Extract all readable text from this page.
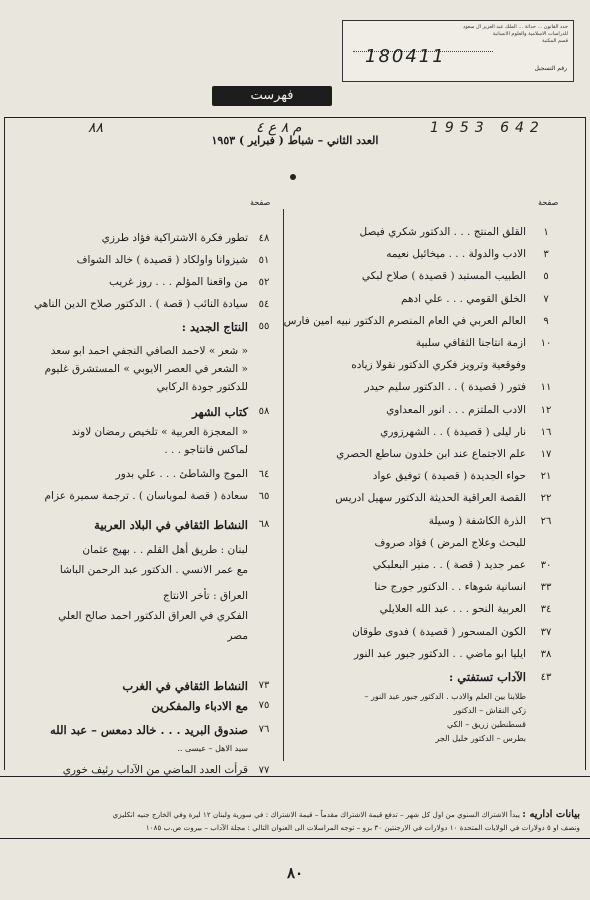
حدد القانون ... حداثة ... الملك عبد العزيز آل سعود
للدراسات الاسلامية والعلوم الانسانية
قسم المكتبة
180411
رقم التسجيل
فهرست
٨٨	م ٨ ع ٤	1953 642
العدد الثاني – شباط ( فبراير ) ١٩٥٣
صفحة
صفحة
١
القلق المنتج . . . الدكتور شكري فيصل
٣
الادب والدولة . . . ميخائيل نعيمه
٥
الطبيب المستبد ( قصيدة ) صلاح لبكي
٧
الخلق القومي . . . علي ادهم
٩
العالم العربي في العام المنصرم الدكتور نبيه امين فارس
١٠
ازمة انتاجنا الثقافي سلبية
وفوقعية وترويز فكري الدكتور نقولا زياده
١١
فتور ( قصيدة ) . . الدكتور سليم حيدر
١٢
الادب الملتزم . . . انور المعداوي
١٦
نار ليلى ( قصيدة ) . . الشهرزوري
١٧
علم الاجتماع عند ابن خلدون ساطع الحصري
٢١
حواء الجديدة ( قصيدة ) توفيق عواد
٢٢
القصة العراقية الحديثة الدكتور سهيل ادريس
٢٦
الذرة الكاشفة ( وسيلة
للبحث وعلاج المرض ) فؤاد صروف
٣٠
عمر جديد ( قصة ) . . منير البعلبكي
٣٣
انسانية شوهاء . . الدكتور جورج حنا
٣٤
العربية النحو . . . عبد الله العلايلي
٣٧
الكون المسحور ( قصيدة ) فدوى طوقان
٣٨
ايليا ابو ماضي . . الدكتور جبور عبد النور
٤٣
الآداب تستفتي :
طلابنا بين العلم والادب . الدكتور جبور عبد النور –
زكي النقاش – الدكتور
قسطنطين زريق – الكي
بطرس – الدكتور خليل الجر
٤٨
تطور فكرة الاشتراكية فؤاد طرزي
٥١
شيزوانا واولكاد ( قصيدة ) خالد الشواف
٥٢
من واقعنا المؤلم . . . روز غريب
٥٤
سيادة النائب ( قصة ) . الدكتور صلاح الدين الناهي
٥٥
النتاج الجديد :
« شعر » لاحمد الصافي النجفي احمد ابو سعد
« الشعر في العصر الايوبي » المستشرق غليوم
للدكتور جودة الركابي
٥٨
كتاب الشهر
« المعجزة العربية » تلخيص رمضان لاوند
لماكس فانتاجو . . .
٦٤
الموج والشاطئ . . . علي بدور
٦٥
سعادة ( قصة لموباسان ) . ترجمة سميرة عزام
٦٨
النشاط الثقافي في البلاد العربية
لبنان : طريق أهل القلم . . بهيج عثمان
مع عمر الانسي . الدكتور عبد الرحمن الباشا
العراق : تأخر الانتاج
الفكري في العراق الدكتور احمد صالح العلي
مصر
٧٣
النشاط الثقافي في الغرب
٧٥
مع الادباء والمفكرين
٧٦
صندوق البريد . . . خالد دمعس – عبد الله
سيد الاهل – عيسى ..
٧٧
قرأت العدد الماضي من الآداب رئيف خوري
بيانات اداريه : يبدأ الاشتراك السنوي من اول كل شهر – تدفع قيمة الاشتراك مقدماً – قيمة الاشتراك : في سورية ولبنان ١٢ ليرة وفي الخارج جنيه انكليزي
ونصف او ٥ دولارات في الولايات المتحدة ١٠ دولارات في الارجنتين ٣٠ بزو – توجه المراسلات الى العنوان التالي : مجلة الآداب – بيروت ص.ب ١٠٨٥
٨٠
